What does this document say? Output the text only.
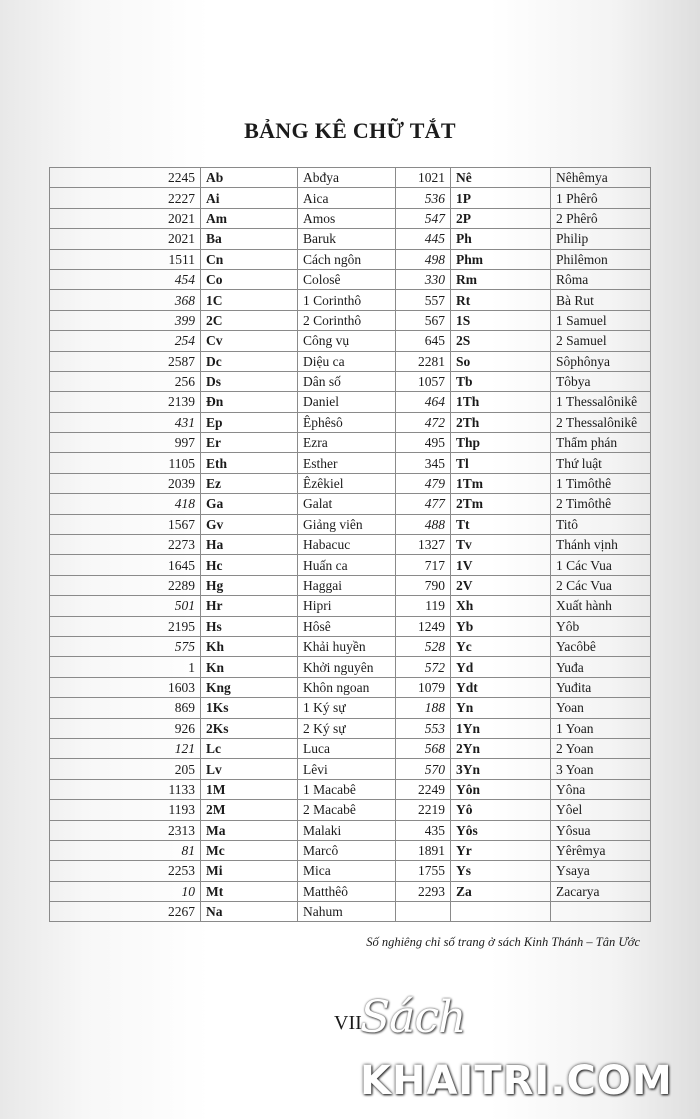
BẢNG KÊ CHỮ TẮT
2245	Ab	Abđya	1021	Nê	Nêhêmya
2227	Ai	Aica	536	1P	1 Phêrô
2021	Am	Amos	547	2P	2 Phêrô
2021	Ba	Baruk	445	Ph	Philip
1511	Cn	Cách ngôn	498	Phm	Philêmon
454	Co	Colosê	330	Rm	Rôma
368	1C	1 Corinthô	557	Rt	Bà Rut
399	2C	2 Corinthô	567	1S	1 Samuel
254	Cv	Công vụ	645	2S	2 Samuel
2587	Dc	Diệu ca	2281	So	Sôphônya
256	Ds	Dân số	1057	Tb	Tôbya
2139	Đn	Daniel	464	1Th	1 Thessalônikê
431	Ep	Êphêsô	472	2Th	2 Thessalônikê
997	Er	Ezra	495	Thp	Thẩm phán
1105	Eth	Esther	345	Tl	Thứ luật
2039	Ez	Êzêkiel	479	1Tm	1 Timôthê
418	Ga	Galat	477	2Tm	2 Timôthê
1567	Gv	Giảng viên	488	Tt	Titô
2273	Ha	Habacuc	1327	Tv	Thánh vịnh
1645	Hc	Huấn ca	717	1V	1 Các Vua
2289	Hg	Haggai	790	2V	2 Các Vua
501	Hr	Hipri	119	Xh	Xuất hành
2195	Hs	Hôsê	1249	Yb	Yôb
575	Kh	Khải huyền	528	Yc	Yacôbê
1	Kn	Khởi nguyên	572	Yd	Yuđa
1603	Kng	Khôn ngoan	1079	Ydt	Yuđita
869	1Ks	1 Ký sự	188	Yn	Yoan
926	2Ks	2 Ký sự	553	1Yn	1 Yoan
121	Lc	Luca	568	2Yn	2 Yoan
205	Lv	Lêvi	570	3Yn	3 Yoan
1133	1M	1 Macabê	2249	Yôn	Yôna
1193	2M	2 Macabê	2219	Yô	Yôel
2313	Ma	Malaki	435	Yôs	Yôsua
81	Mc	Marcô	1891	Yr	Yêrêmya
2253	Mi	Mica	1755	Ys	Ysaya
10	Mt	Matthêô	2293	Za	Zacarya
2267	Na	Nahum			
Số nghiêng chỉ số trang ở sách Kinh Thánh – Tân Ước
VII
Sách
KHAITRI.COM
